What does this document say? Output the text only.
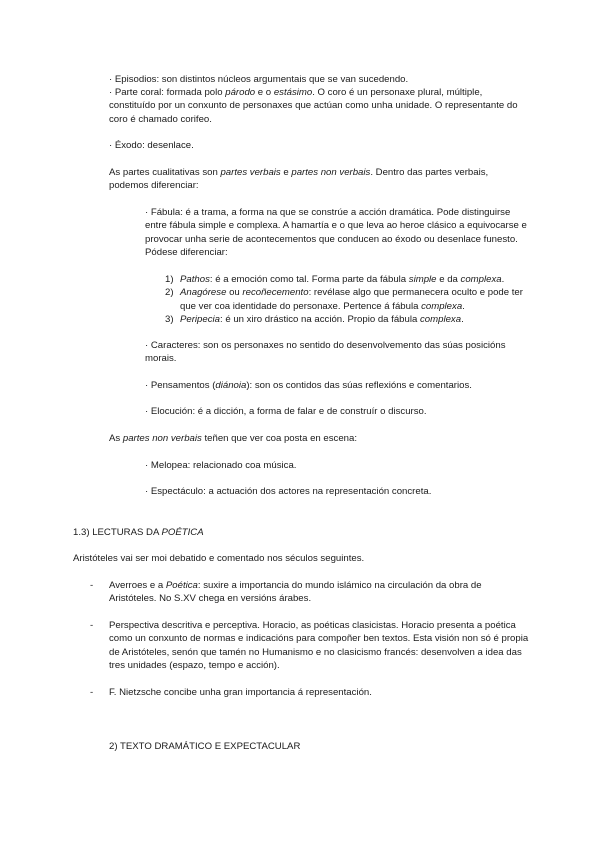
· Episodios: son distintos núcleos argumentais que se van sucedendo.

· Parte coral: formada polo párodo e o estásimo. O coro é un personaxe plural, múltiple, constituído por un conxunto de personaxes que actúan como unha unidade. O representante do coro é chamado corifeo.

· Éxodo: desenlace.

As partes cualitativas son partes verbais e partes non verbais. Dentro das partes verbais, podemos diferenciar:

· Fábula: é a trama, a forma na que se constrúe a acción dramática. Pode distinguirse entre fábula simple e complexa. A hamartía e o que leva ao heroe clásico a equivocarse e provocar unha serie de acontecementos que conducen ao éxodo ou desenlace funesto. Pódese diferenciar:

1) Pathos: é a emoción como tal. Forma parte da fábula simple e da complexa.
2) Anagórese ou recoñecemento: revélase algo que permanecera oculto e pode ter que ver coa identidade do personaxe. Pertence á fábula complexa.
3) Peripecia: é un xiro drástico na acción. Propio da fábula complexa.

· Caracteres: son os personaxes no sentido do desenvolvemento das súas posicións morais.

· Pensamentos (diánoia): son os contidos das súas reflexións e comentarios.

· Elocución: é a dicción, a forma de falar e de construír o discurso.

As partes non verbais teñen que ver coa posta en escena:

· Melopea: relacionado coa música.

· Espectáculo: a actuación dos actores na representación concreta.

1.3) LECTURAS DA POÉTICA

Aristóteles vai ser moi debatido e comentado nos séculos seguintes.

- Averroes e a Poética: suxire a importancia do mundo islámico na circulación da obra de Aristóteles. No S.XV chega en versións árabes.

- Perspectiva descritiva e perceptiva. Horacio, as poéticas clasicistas. Horacio presenta a poética como un conxunto de normas e indicacións para compoñer ben textos. Esta visión non só é propia de Aristóteles, senón que tamén no Humanismo e no clasicismo francés: desenvolven a idea das tres unidades (espazo, tempo e acción).

- F. Nietzsche concibe unha gran importancia á representación.

2) TEXTO DRAMÁTICO E EXPECTACULAR
